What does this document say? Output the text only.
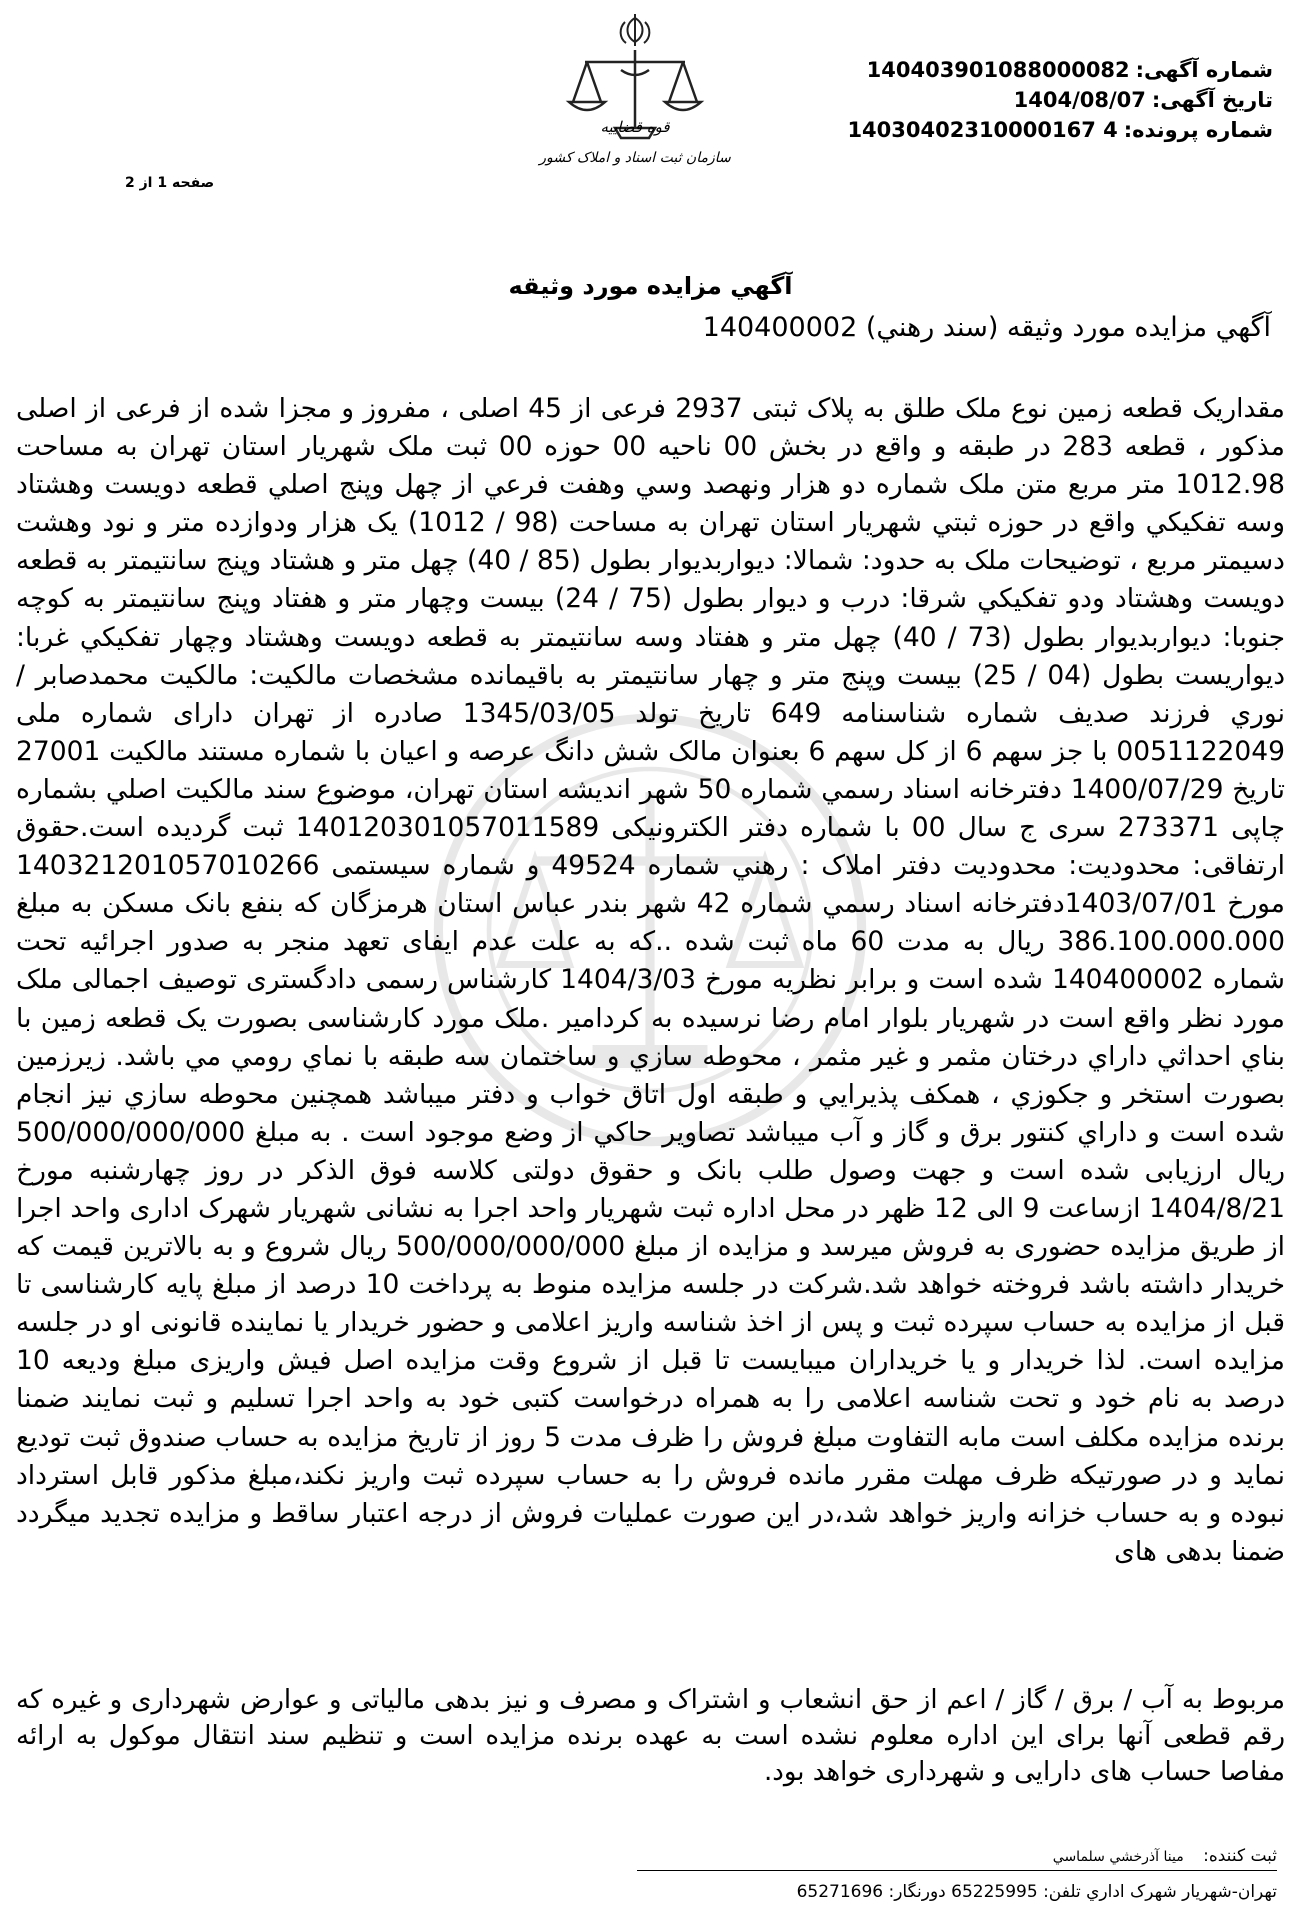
قوه قضاییه
سازمان ثبت اسناد و املاک کشور
شماره آگهی:140403901088000082
تاریخ آگهی:1404/08/07
شماره پرونده:14030402310000167 4
صفحه 1 از 2
آگهي مزايده مورد وثيقه
آگهي مزايده مورد وثيقه (سند رهني) 140400002
مقداريک قطعه زمين نوع ملک طلق به پلاک ثبتی 2937 فرعی از 45 اصلی ، مفروز و مجزا شده از فرعی از اصلی مذکور ، قطعه 283 در طبقه و واقع در بخش 00 ناحيه 00 حوزه 00 ثبت ملک شهريار استان تهران به مساحت 1012.98 متر مربع متن ملک شماره دو هزار ونهصد وسي وهفت فرعي از چهل وپنج اصلي قطعه دويست وهشتاد وسه تفکيکي واقع در حوزه ثبتي شهريار استان تهران به مساحت (98 / 1012) يک هزار ودوازده متر و نود وهشت دسيمتر مربع ، توضيحات ملک به حدود: شمالا: ديواربديوار بطول (85 / 40) چهل متر و هشتاد وپنج سانتيمتر به قطعه دويست وهشتاد ودو تفکيکي شرقا: درب و ديوار بطول (75 / 24) بيست وچهار متر و هفتاد وپنج سانتيمتر به کوچه جنوبا: ديواربديوار بطول (73 / 40) چهل متر و هفتاد وسه سانتيمتر به قطعه دويست وهشتاد وچهار تفکيکي غربا: ديواريست بطول (04 / 25) بيست وپنج متر و چهار سانتيمتر به باقيمانده مشخصات مالکيت: مالکيت محمدصابر / نوري فرزند صديف شماره شناسنامه 649 تاريخ تولد 1345/03/05 صادره از تهران دارای شماره ملی 0051122049 با جز سهم 6 از کل سهم 6 بعنوان مالک شش دانگ عرصه و اعيان با شماره مستند مالکيت 27001 تاريخ 1400/07/29 دفترخانه اسناد رسمي شماره 50 شهر انديشه استان تهران، موضوع سند مالکيت اصلي بشماره چاپی 273371 سری ج سال 00 با شماره دفتر الکترونیکی 140120301057011589 ثبت گردیده است.حقوق ارتفاقی: محدوديت: محدوديت دفتر املاک : رهني شماره 49524 و شماره سيستمی 140321201057010266 مورخ 1403/07/01دفترخانه اسناد رسمي شماره 42 شهر بندر عباس استان هرمزگان که بنفع بانک مسکن به مبلغ 386.100.000.000 ريال به مدت 60 ماه ثبت شده ..که به علت عدم ايفای تعهد منجر به صدور اجرائيه تحت شماره 140400002 شده است و برابر نظريه مورخ 1404/3/03 کارشناس رسمی دادگستری توصيف اجمالی ملک مورد نظر واقع است در شهريار بلوار امام رضا نرسيده به کردامير .ملک مورد کارشناسی بصورت يک قطعه زمين با بناي احداثي داراي درختان مثمر و غير مثمر ، محوطه سازي و ساختمان سه طبقه با نماي رومي مي باشد. زيرزمين بصورت استخر و جکوزي ، همکف پذيرايي و طبقه اول اتاق خواب و دفتر ميباشد همچنين محوطه سازي نيز انجام شده است و داراي کنتور برق و گاز و آب ميباشد تصاوير حاکي از وضع موجود است . به مبلغ 500/000/000/000 ريال ارزيابی شده است و جهت وصول طلب بانک و حقوق دولتی کلاسه فوق الذکر در روز چهارشنبه مورخ 1404/8/21 ازساعت 9 الی 12 ظهر در محل اداره ثبت شهريار واحد اجرا به نشانی شهريار شهرک اداری واحد اجرا از طريق مزايده حضوری به فروش ميرسد و مزايده از مبلغ 500/000/000/000 ريال شروع و به بالاترين قيمت که خريدار داشته باشد فروخته خواهد شد.شرکت در جلسه مزايده منوط به پرداخت 10 درصد از مبلغ پايه کارشناسی تا قبل از مزايده به حساب سپرده ثبت و پس از اخذ شناسه واريز اعلامی و حضور خريدار يا نماينده قانونی او در جلسه مزايده است. لذا خريدار و يا خريداران ميبايست تا قبل از شروع وقت مزايده اصل فيش واريزی مبلغ وديعه 10 درصد به نام خود و تحت شناسه اعلامی را به همراه درخواست کتبی خود به واحد اجرا تسليم و ثبت نمايند ضمنا برنده مزايده مکلف است مابه التفاوت مبلغ فروش را ظرف مدت 5 روز از تاريخ مزايده به حساب صندوق ثبت توديع نمايد و در صورتيکه ظرف مهلت مقرر مانده فروش را به حساب سپرده ثبت واريز نکند،مبلغ مذکور قابل استرداد نبوده و به حساب خزانه واريز خواهد شد،در اين صورت عمليات فروش از درجه اعتبار ساقط و مزايده تجديد ميگردد ضمنا بدهی های
مربوط به آب / برق / گاز / اعم از حق انشعاب و اشتراک و مصرف و نيز بدهی مالياتی و عوارض شهرداری و غيره که رقم قطعی آنها برای اين اداره معلوم نشده است به عهده برنده مزايده است و تنظيم سند انتقال موکول به ارائه مفاصا حساب های دارایی و شهرداری خواهد بود.
ثبت کننده: مينا آذرخشي سلماسي
تهران-شهريار شهرک اداري تلفن: 65225995 دورنگار: 65271696
